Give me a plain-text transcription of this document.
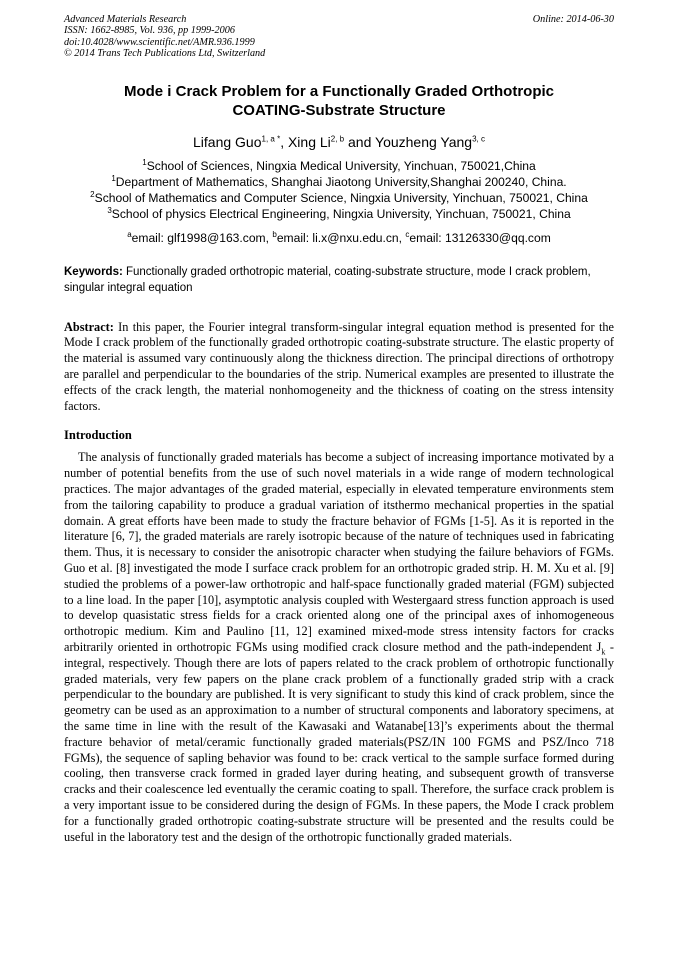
Advanced Materials Research
ISSN: 1662-8985, Vol. 936, pp 1999-2006
doi:10.4028/www.scientific.net/AMR.936.1999
© 2014 Trans Tech Publications Ltd, Switzerland
Online: 2014-06-30
Mode i Crack Problem for a Functionally Graded Orthotropic
COATING-Substrate Structure
Lifang Guo$^{1, a *}$, Xing Li$^{2, b}$ and Youzheng Yang$^{3, c}$
$^1$School of Sciences, Ningxia Medical University, Yinchuan, 750021,China
$^1$Department of Mathematics, Shanghai Jiaotong University,Shanghai 200240, China.
$^2$School of Mathematics and Computer Science, Ningxia University, Yinchuan, 750021, China
$^3$School of physics Electrical Engineering, Ningxia University, Yinchuan, 750021, China
$^a$email: glf1998@163.com, $^b$email: li.x@nxu.edu.cn, $^c$email: 13126330@qq.com
Keywords: Functionally graded orthotropic material, coating-substrate structure, mode I crack problem, singular integral equation
Abstract: In this paper, the Fourier integral transform-singular integral equation method is presented for the Mode I crack problem of the functionally graded orthotropic coating-substrate structure. The elastic property of the material is assumed vary continuously along the thickness direction. The principal directions of orthotropy are parallel and perpendicular to the boundaries of the strip. Numerical examples are presented to illustrate the effects of the crack length, the material nonhomogeneity and the thickness of coating on the stress intensity factors.
Introduction
The analysis of functionally graded materials has become a subject of increasing importance motivated by a number of potential benefits from the use of such novel materials in a wide range of modern technological practices. The major advantages of the graded material, especially in elevated temperature environments stem from the tailoring capability to produce a gradual variation of itsthermo mechanical properties in the spatial domain. A great efforts have been made to study the fracture behavior of FGMs [1-5]. As it is reported in the literature [6, 7], the graded materials are rarely isotropic because of the nature of techniques used in fabricating them. Thus, it is necessary to consider the anisotropic character when studying the failure behaviors of FGMs. Guo et al. [8] investigated the mode I surface crack problem for an orthotropic graded strip. H. M. Xu et al. [9] studied the problems of a power-law orthotropic and half-space functionally graded material (FGM) subjected to a line load. In the paper [10], asymptotic analysis coupled with Westergaard stress function approach is used to develop quasistatic stress fields for a crack oriented along one of the principal axes of inhomogeneous orthotropic medium. Kim and Paulino [11, 12] examined mixed-mode stress intensity factors for cracks arbitrarily oriented in orthotropic FGMs using modified crack closure method and the path-independent $J_k$ -integral, respectively. Though there are lots of papers related to the crack problem of orthotropic functionally graded materials, very few papers on the plane crack problem of a functionally graded strip with a crack perpendicular to the boundary are published. It is very significant to study this kind of crack problem, since the geometry can be used as an approximation to a number of structural components and laboratory specimens, at the same time in line with the result of the Kawasaki and Watanabe[13]’s experiments about the thermal fracture behavior of metal/ceramic functionally graded materials(PSZ/IN 100 FGMS and PSZ/Inco 718 FGMs), the sequence of sapling behavior was found to be: crack vertical to the sample surface formed during cooling, then transverse crack formed in graded layer during heating, and subsequent growth of transverse cracks and their coalescence led eventually the ceramic coating to spall. Therefore, the surface crack problem is a very important issue to be considered during the design of FGMs. In these papers, the Mode I crack problem for a functionally graded orthotropic coating-substrate structure will be presented and the results could be useful in the laboratory test and the design of the orthotropic functionally graded materials.
